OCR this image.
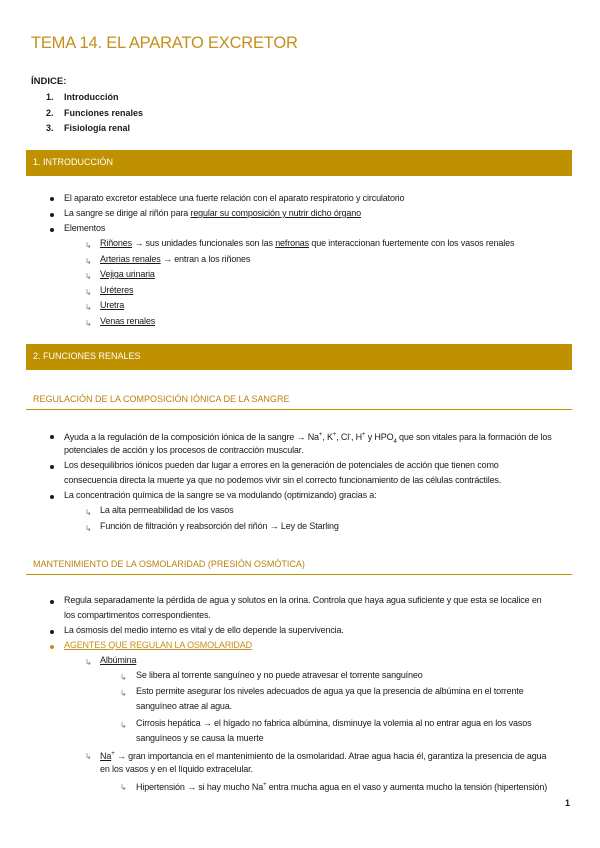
TEMA 14. EL APARATO EXCRETOR
ÍNDICE:
1.	Introducción
2.	Funciones renales
3.	Fisiología renal
1. INTRODUCCIÓN
El aparato excretor establece una fuerte relación con el aparato respiratorio y circulatorio
La sangre se dirige al riñón para regular su composición y nutrir dicho órgano
Elementos
↳
Riñones → sus unidades funcionales son las nefronas que interaccionan fuertemente con los vasos renales
↳
Arterias renales → entran a los riñones
↳
Vejiga urinaria
↳
Uréteres
↳
Uretra
↳
Venas renales
2. FUNCIONES RENALES
REGULACIÓN DE LA COMPOSICIÓN IÓNICA DE LA SANGRE
Ayuda a la regulación de la composición iónica de la sangre → Na+, K+, Cl-, H+ y $HPO_4$ que son vitales para la formación de los
potenciales de acción y los procesos de contracción muscular.
Los desequilibrios iónicos pueden dar lugar a errores en la generación de potenciales de acción que tienen como
consecuencia directa la muerte ya que no podemos vivir sin el correcto funcionamiento de las células contráctiles.
La concentración química de la sangre se va modulando (optimizando) gracias a:
↳
La alta permeabilidad de los vasos
↳
Función de filtración y reabsorción del riñón → Ley de Starling
MANTENIMIENTO DE LA OSMOLARIDAD (PRESIÓN OSMÓTICA)
Regula separadamente la pérdida de agua y solutos en la orina. Controla que haya agua suficiente y que esta se localice en
los compartimentos correspondientes.
La ósmosis del medio interno es vital y de ello depende la supervivencia.
AGENTES QUE REGULAN LA OSMOLARIDAD
↳
Albúmina
↳
Se libera al torrente sanguíneo y no puede atravesar el torrente sanguíneo
↳
Esto permite asegurar los niveles adecuados de agua ya que la presencia de albúmina en el torrente
sanguíneo atrae al agua.
↳
Cirrosis hepática → el hígado no fabrica albúmina, disminuye la volemia al no entrar agua en los vasos
sanguíneos y se causa la muerte
↳
Na+ → gran importancia en el mantenimiento de la osmolaridad. Atrae agua hacia él, garantiza la presencia de agua
en los vasos y en el líquido extracelular.
↳
Hipertensión → si hay mucho Na+ entra mucha agua en el vaso y aumenta mucho la tensión (hipertensión)
1
